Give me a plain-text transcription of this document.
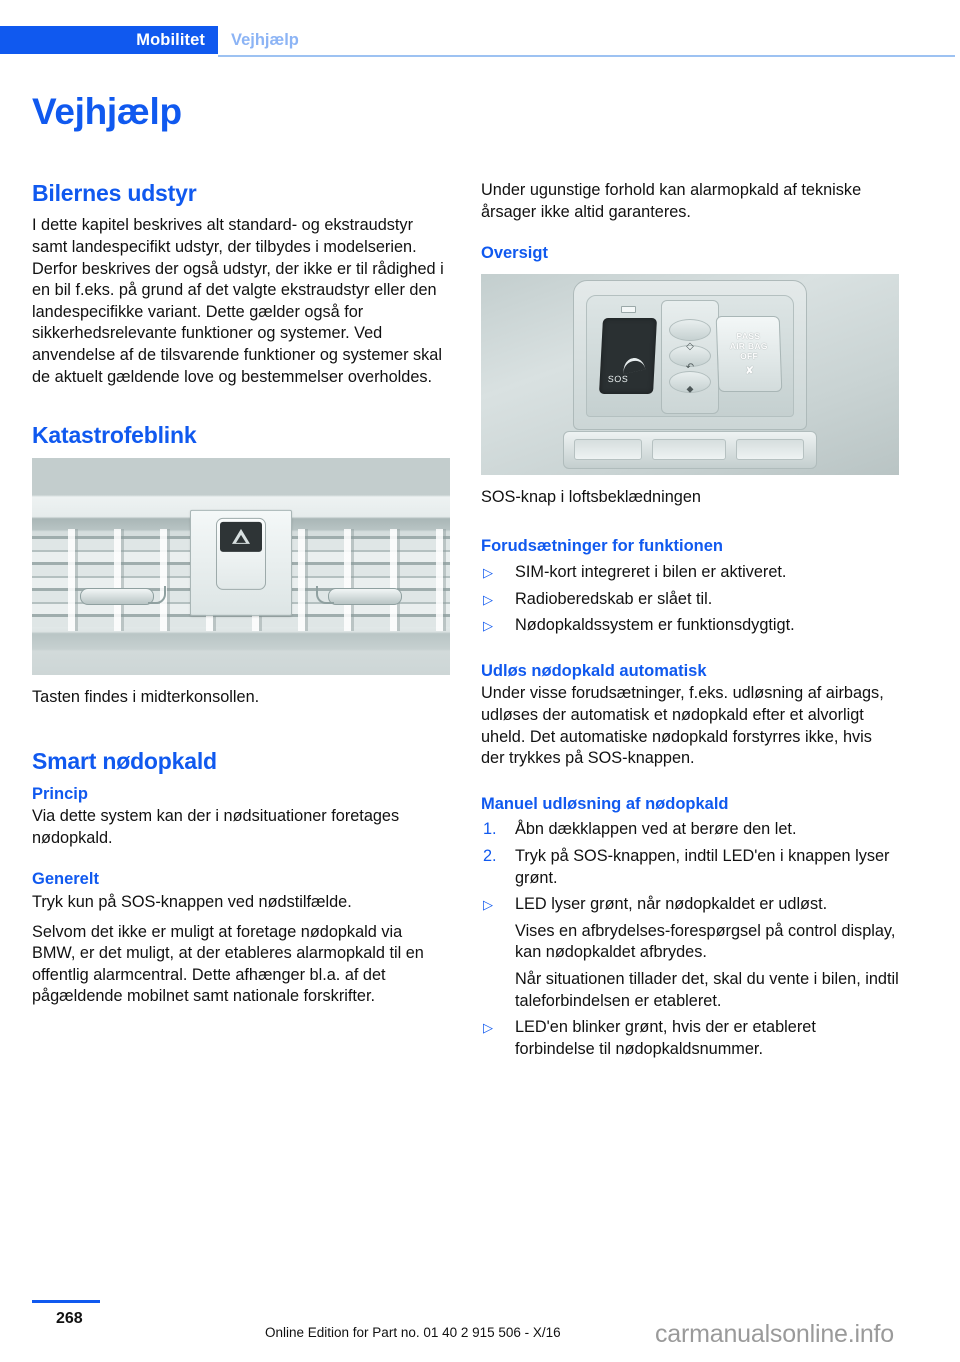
Mobilitet	Vejhjælp
Vejhjælp
Bilernes udstyr

I dette kapitel beskrives alt standard- og ekstraudstyr samt landespecifikt udstyr, der tilbydes i modelserien. Derfor beskrives der også udstyr, der ikke er til rådighed i en bil f.eks. på grund af det valgte ekstraudstyr eller den landespecifikke variant. Dette gælder også for sikkerhedsrelevante funktioner og systemer. Ved anvendelse af de tilsvarende funktioner og systemer skal de aktuelt gældende love og bestemmelser overholdes.

Katastrofeblink

Tasten findes i midterkonsollen.

Smart nødopkald
Princip

Via dette system kan der i nødsituationer foretages nødopkald.

Generelt

Tryk kun på SOS-knappen ved nødstilfælde.

Selvom det ikke er muligt at foretage nødopkald via BMW, er det muligt, at der etableres alarmopkald til en offentlig alarmcentral. Dette afhænger bl.a. af det pågældende mobilnet samt nationale forskrifter.

Under ugunstige forhold kan alarmopkald af tekniske årsager ikke altid garanteres.

Oversigt
SOS
◇
↶
⬥
PASS
AIR BAG
OFF
✘

SOS-knap i loftsbeklædningen

Forudsætninger for funktionen
▷	SIM-kort integreret i bilen er aktiveret.
▷	Radioberedskab er slået til.
▷	Nødopkaldssystem er funktionsdygtigt.
Udløs nødopkald automatisk

Under visse forudsætninger, f.eks. udløsning af airbags, udløses der automatisk et nødopkald efter et alvorligt uheld. Det automatiske nødopkald forstyrres ikke, hvis der trykkes på SOS-knappen.

Manuel udløsning af nødopkald
1.	Åbn dækklappen ved at berøre den let.
2.	Tryk på SOS-knappen, indtil LED'en i knappen lyser grønt.
▷	LED lyser grønt, når nødopkaldet er udløst.
Vises en afbrydelses-forespørgsel på control display, kan nødopkaldet afbrydes.
Når situationen tillader det, skal du vente i bilen, indtil taleforbindelsen er etableret.
▷	LED'en blinker grønt, hvis der er etableret forbindelse til nødopkaldsnummer.
268
Online Edition for Part no. 01 40 2 915 506 - X/16	carmanualsonline.info
